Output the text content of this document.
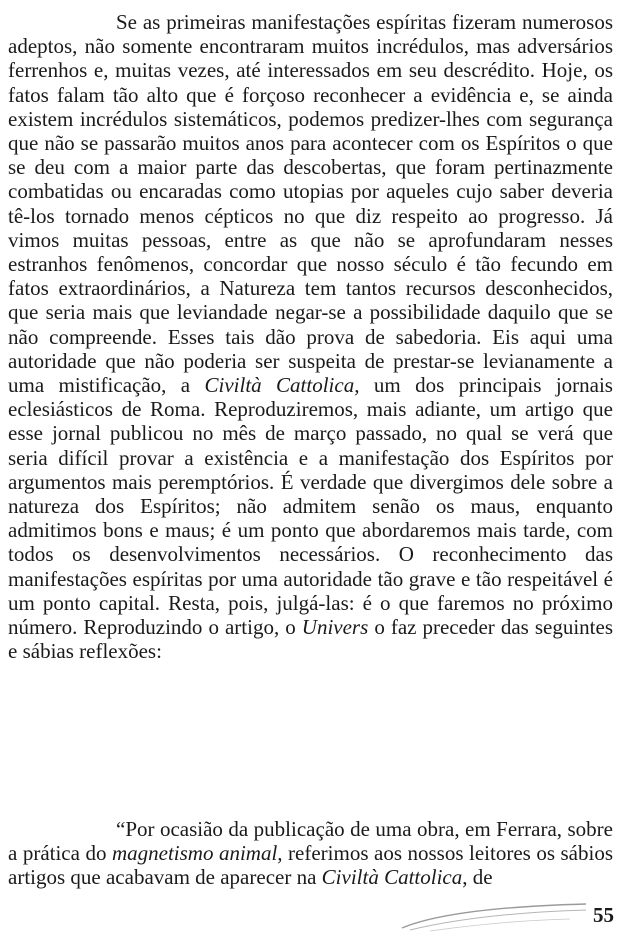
Se as primeiras manifestações espíritas fizeram numerosos adeptos, não somente encontraram muitos incrédulos, mas adversários ferrenhos e, muitas vezes, até interessados em seu descrédito. Hoje, os fatos falam tão alto que é forçoso reconhecer a evidência e, se ainda existem incrédulos sistemáticos, podemos predizer-lhes com segurança que não se passarão muitos anos para acontecer com os Espíritos o que se deu com a maior parte das descobertas, que foram pertinazmente combatidas ou encaradas como utopias por aqueles cujo saber deveria tê-los tornado menos cépticos no que diz respeito ao progresso. Já vimos muitas pessoas, entre as que não se aprofundaram nesses estranhos fenômenos, concordar que nosso século é tão fecundo em fatos extraordinários, a Natureza tem tantos recursos desconhecidos, que seria mais que leviandade negar-se a possibilidade daquilo que se não compreende. Esses tais dão prova de sabedoria. Eis aqui uma autoridade que não poderia ser suspeita de prestar-se levianamente a uma mistificação, a Civiltà Cattolica, um dos principais jornais eclesiásticos de Roma. Reproduziremos, mais adiante, um artigo que esse jornal publicou no mês de março passado, no qual se verá que seria difícil provar a existência e a manifestação dos Espíritos por argumentos mais peremptórios. É verdade que divergimos dele sobre a natureza dos Espíritos; não admitem senão os maus, enquanto admitimos bons e maus; é um ponto que abordaremos mais tarde, com todos os desenvolvimentos necessários. O reconhecimento das manifestações espíritas por uma autoridade tão grave e tão respeitável é um ponto capital. Resta, pois, julgá-las: é o que faremos no próximo número. Reproduzindo o artigo, o Univers o faz preceder das seguintes e sábias reflexões:

“Por ocasião da publicação de uma obra, em Ferrara, sobre a prática do magnetismo animal, referimos aos nossos leitores os sábios artigos que acabavam de aparecer na Civiltà Cattolica, de

55
